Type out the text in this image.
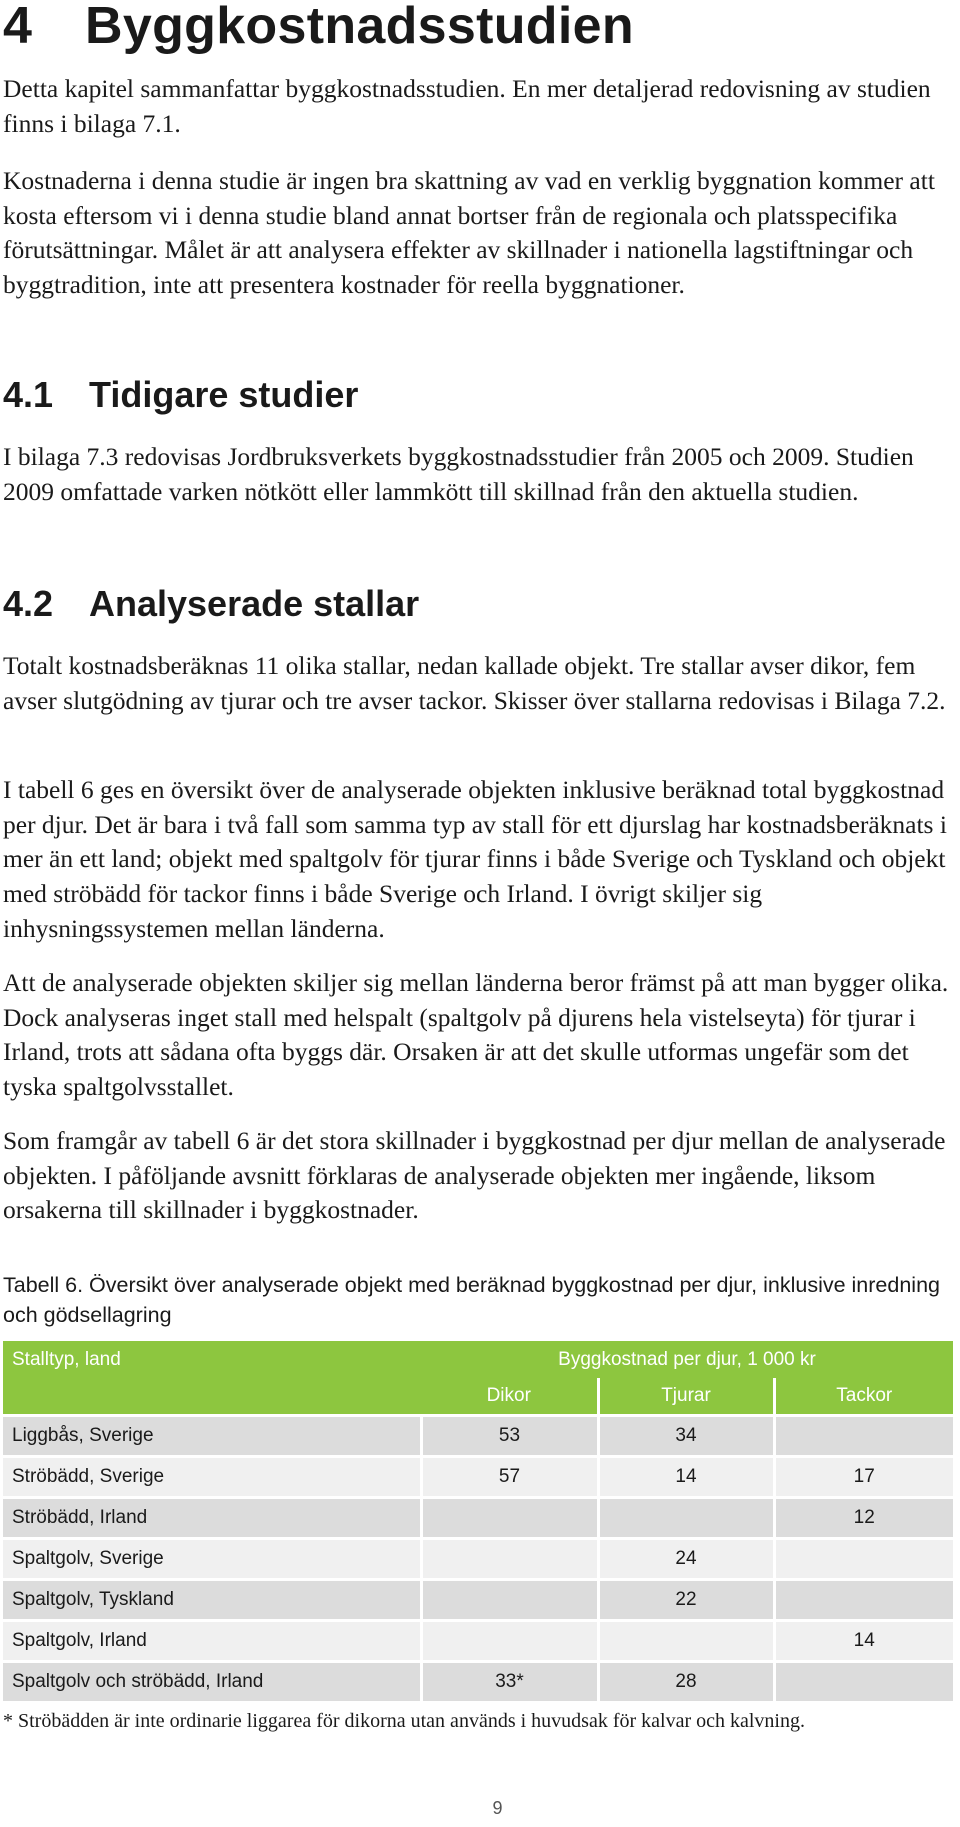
4 Byggkostnadsstudien

Detta kapitel sammanfattar byggkostnadsstudien. En mer detaljerad redovisning av studien finns i bilaga 7.1.

Kostnaderna i denna studie är ingen bra skattning av vad en verklig byggnation kommer att kosta eftersom vi i denna studie bland annat bortser från de regionala och platsspecifika förutsättningar. Målet är att analysera effekter av skillnader i nationella lagstiftningar och byggtradition, inte att presentera kostnader för reella byggnationer.

4.1 Tidigare studier

I bilaga 7.3 redovisas Jordbruksverkets byggkostnadsstudier från 2005 och 2009. Studien 2009 omfattade varken nötkött eller lammkött till skillnad från den aktuella studien.

4.2 Analyserade stallar

Totalt kostnadsberäknas 11 olika stallar, nedan kallade objekt. Tre stallar avser dikor, fem avser slutgödning av tjurar och tre avser tackor. Skisser över stallarna redovisas i Bilaga 7.2.

I tabell 6 ges en översikt över de analyserade objekten inklusive beräknad total byggkostnad per djur. Det är bara i två fall som samma typ av stall för ett djurslag har kostnadsberäknats i mer än ett land; objekt med spaltgolv för tjurar finns i både Sverige och Tyskland och objekt med ströbädd för tackor finns i både Sverige och Irland. I övrigt skiljer sig inhysningssystemen mellan länderna.

Att de analyserade objekten skiljer sig mellan länderna beror främst på att man bygger olika. Dock analyseras inget stall med helspalt (spaltgolv på djurens hela vistelseyta) för tjurar i Irland, trots att sådana ofta byggs där. Orsaken är att det skulle utformas ungefär som det tyska spaltgolvsstallet.

Som framgår av tabell 6 är det stora skillnader i byggkostnad per djur mellan de analyserade objekten. I påföljande avsnitt förklaras de analyserade objekten mer ingående, liksom orsakerna till skillnader i byggkostnader.

Tabell 6. Översikt över analyserade objekt med beräknad byggkostnad per djur, inklusive inredning och gödsellagring

Stalltyp, land	Byggkostnad per djur, 1 000 kr		
	Dikor	Tjurar	Tackor
Liggbås, Sverige	53	34	
Ströbädd, Sverige	57	14	17
Ströbädd, Irland			12
Spaltgolv, Sverige		24	
Spaltgolv, Tyskland		22	
Spaltgolv, Irland			14
Spaltgolv och ströbädd, Irland	33*	28	

* Ströbädden är inte ordinarie liggarea för dikorna utan används i huvudsak för kalvar och kalvning.

9
